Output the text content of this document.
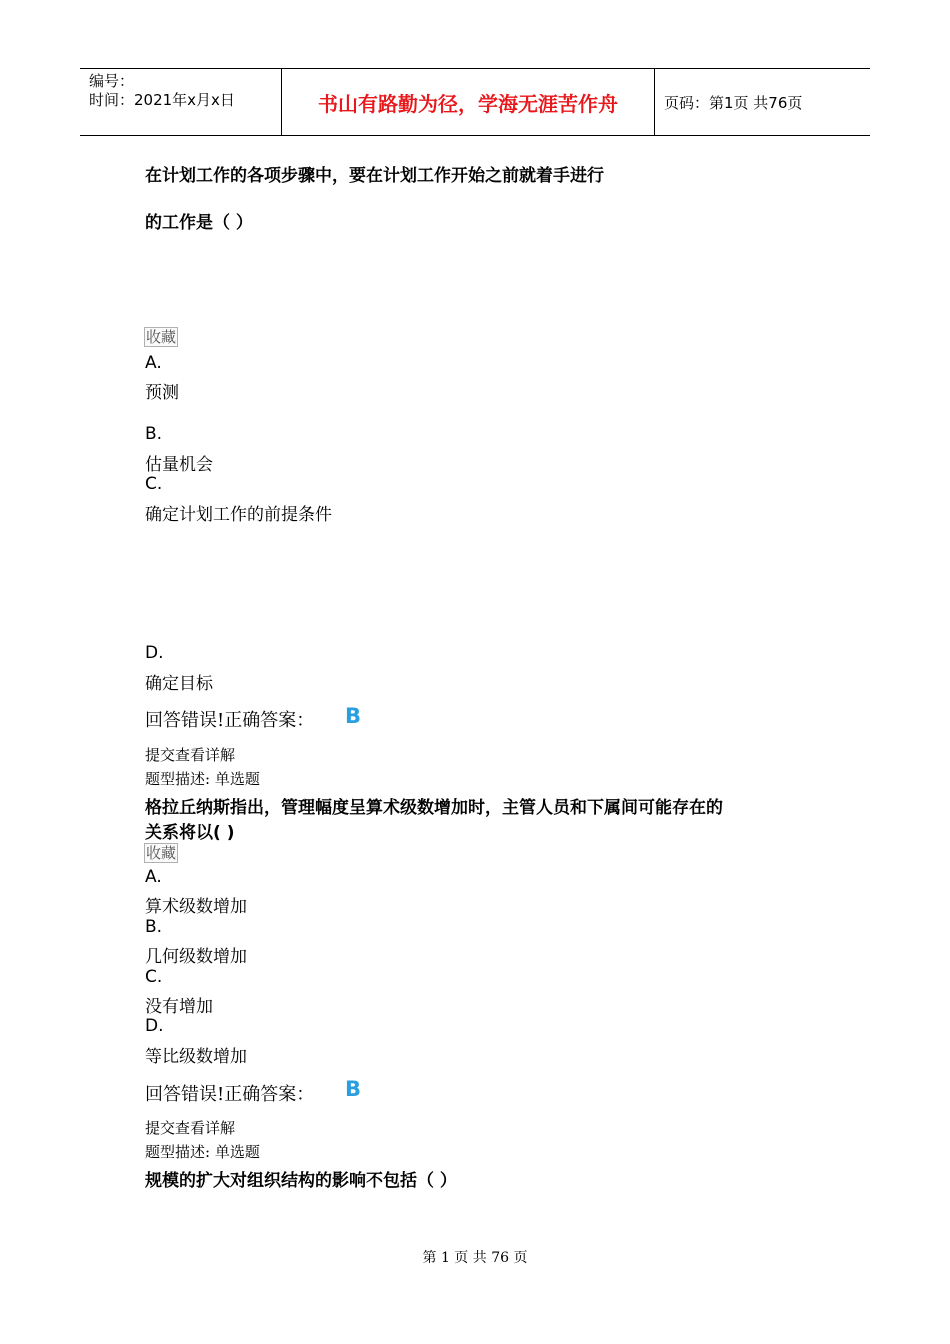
编号：
时间：2021年x月x日	书山有路勤为径，学海无涯苦作舟	页码：第1页 共76页
在计划工作的各项步骤中，要在计划工作开始之前就着手进行
的工作是（ ）
收藏
A.
预测
B.
估量机会
C.
确定计划工作的前提条件
D.
确定目标
回答错误!正确答案： B
提交查看详解
题型描述: 单选题
格拉丘纳斯指出，管理幅度呈算术级数增加时，主管人员和下属间可能存在的
关系将以( )
收藏
A.
算术级数增加
B.
几何级数增加
C.
没有增加
D.
等比级数增加
回答错误!正确答案： B
提交查看详解
题型描述: 单选题
规模的扩大对组织结构的影响不包括（ ）
第 1 页 共 76 页
